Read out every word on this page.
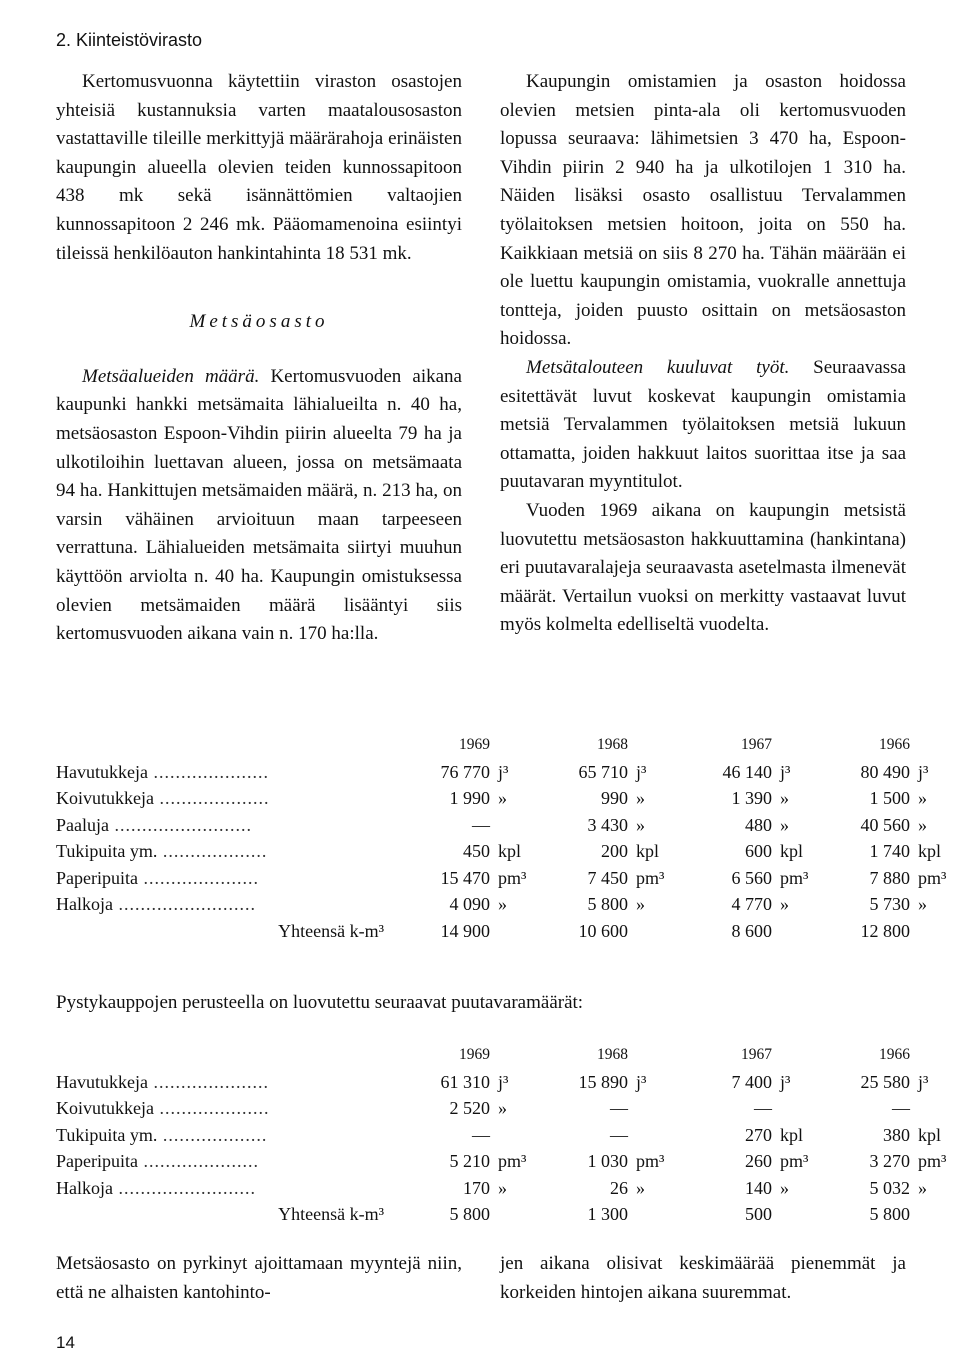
2. Kiinteistövirasto

Kertomusvuonna käytettiin viraston osastojen yhteisiä kustannuksia varten maatalousosaston vastattaville tileille merkittyjä määrärahoja erinäisten kaupungin alueella olevien teiden kunnossapitoon 438 mk sekä isännättömien valtaojien kunnossapitoon 2 246 mk. Pääomamenoina esiintyi tileissä henkilöauton hankintahinta 18 531 mk.

Metsäosasto

Metsäalueiden määrä. Kertomusvuoden aikana kaupunki hankki metsämaita lähialueilta n. 40 ha, metsäosaston Espoon-Vihdin piirin alueelta 79 ha ja ulkotiloihin luettavan alueen, jossa on metsämaata 94 ha. Hankittujen metsämaiden määrä, n. 213 ha, on varsin vähäinen arvioituun maan tarpeeseen verrattuna. Lähialueiden metsämaita siirtyi muuhun käyttöön arviolta n. 40 ha. Kaupungin omistuksessa olevien metsämaiden määrä lisääntyi siis kertomusvuoden aikana vain n. 170 ha:lla.

Kaupungin omistamien ja osaston hoidossa olevien metsien pinta-ala oli kertomusvuoden lopussa seuraava: lähimetsien 3 470 ha, Espoon-Vihdin piirin 2 940 ha ja ulkotilojen 1 310 ha. Näiden lisäksi osasto osallistuu Tervalammen työlaitoksen metsien hoitoon, joita on 550 ha. Kaikkiaan metsiä on siis 8 270 ha. Tähän määrään ei ole luettu kaupungin omistamia, vuokralle annettuja tontteja, joiden puusto osittain on metsäosaston hoidossa.

Metsätalouteen kuuluvat työt. Seuraavassa esitettävät luvut koskevat kaupungin omistamia metsiä Tervalammen työlaitoksen metsiä lukuun ottamatta, joiden hakkuut laitos suorittaa itse ja saa puutavaran myyntitulot.

Vuoden 1969 aikana on kaupungin metsistä luovutettu metsäosaston hakkuuttamina (hankintana) eri puutavaralajeja seuraavasta asetelmasta ilmenevät määrät. Vertailun vuoksi on merkitty vastaavat luvut myös kolmelta edelliseltä vuodelta.

	1969		1968		1967		1966	
Havutukkeja .....................	76 770	j³	65 710	j³	46 140	j³	80 490	j³
Koivutukkeja ....................	1 990	»	990	»	1 390	»	1 500	»
Paaluja .........................	—		3 430	»	480	»	40 560	»
Tukipuita ym. ...................	450	kpl	200	kpl	600	kpl	1 740	kpl
Paperipuita .....................	15 470	pm³	7 450	pm³	6 560	pm³	7 880	pm³
Halkoja .........................	4 090	»	5 800	»	4 770	»	5 730	»
Yhteensä k-m³	14 900		10 600		8 600		12 800	
Pystykauppojen perusteella on luovutettu seuraavat puutavaramäärät:
	1969		1968		1967		1966	
Havutukkeja .....................	61 310	j³	15 890	j³	7 400	j³	25 580	j³
Koivutukkeja ....................	2 520	»	—		—		—	
Tukipuita ym. ...................	—		—		270	kpl	380	kpl
Paperipuita .....................	5 210	pm³	1 030	pm³	260	pm³	3 270	pm³
Halkoja .........................	170	»	26	»	140	»	5 032	»
Yhteensä k-m³	5 800		1 300		500		5 800	
Metsäosasto on pyrkinyt ajoittamaan myyntejä niin, että ne alhaisten kantohinto-
jen aikana olisivat keskimäärää pienemmät ja korkeiden hintojen aikana suuremmat.
14
